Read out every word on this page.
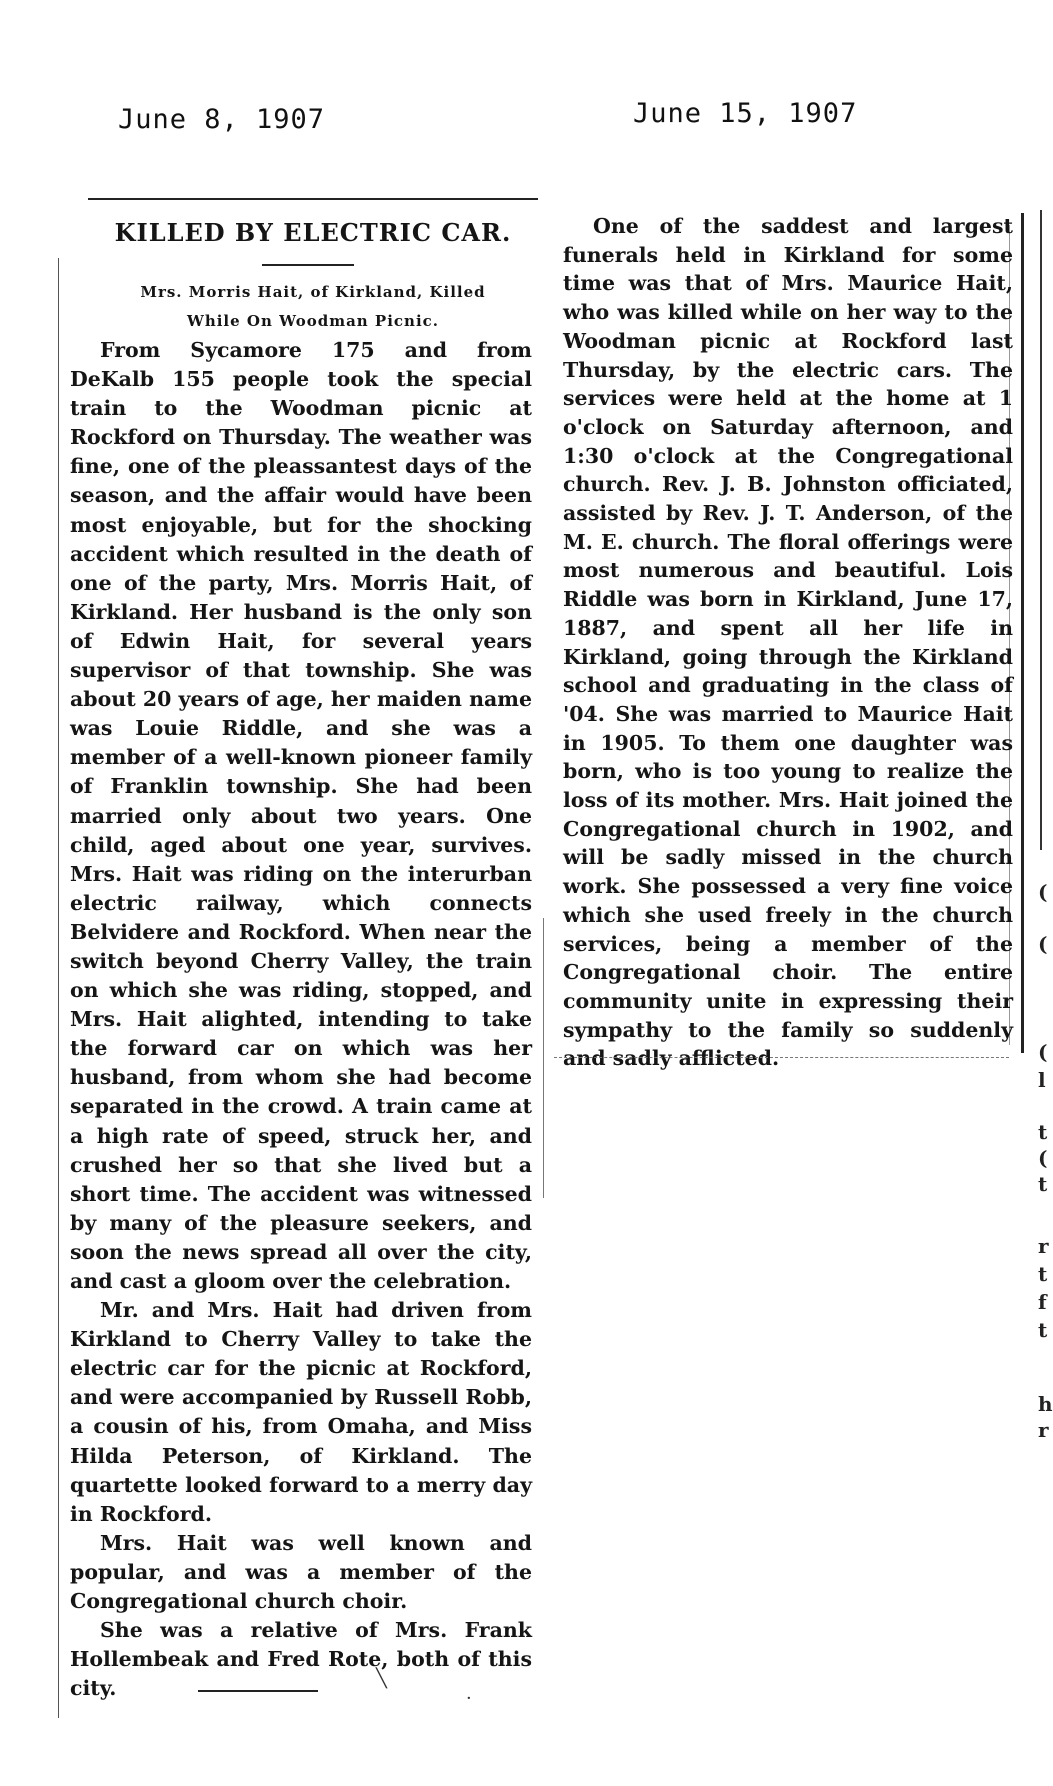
June 8, 1907	June 15, 1907
KILLED BY ELECTRIC CAR.
Mrs. Morris Hait, of Kirkland, Killed
While On Woodman Picnic.

From Sycamore 175 and from DeKalb 155 people took the special train to the Woodman picnic at Rockford on Thursday. The weather was fine, one of the pleassantest days of the season, and the affair would have been most enjoyable, but for the shocking accident which resulted in the death of one of the party, Mrs. Morris Hait, of Kirkland. Her husband is the only son of Edwin Hait, for several years supervisor of that township. She was about 20 years of age, her maiden name was Louie Riddle, and she was a member of a well-known pioneer family of Franklin township. She had been married only about two years. One child, aged about one year, survives. Mrs. Hait was riding on the interurban electric railway, which connects Belvidere and Rockford. When near the switch beyond Cherry Valley, the train on which she was riding, stopped, and Mrs. Hait alighted, intending to take the forward car on which was her husband, from whom she had become separated in the crowd. A train came at a high rate of speed, struck her, and crushed her so that she lived but a short time. The accident was witnessed by many of the pleasure seekers, and soon the news spread all over the city, and cast a gloom over the celebration.

Mr. and Mrs. Hait had driven from Kirkland to Cherry Valley to take the electric car for the picnic at Rockford, and were accompanied by Russell Robb, a cousin of his, from Omaha, and Miss Hilda Peterson, of Kirkland. The quartette looked forward to a merry day in Rockford.

Mrs. Hait was well known and popular, and was a member of the Congregational church choir.

She was a relative of Mrs. Frank Hollembeak and Fred Rote, both of this city.	╲
·

One of the saddest and largest funerals held in Kirkland for some time was that of Mrs. Maurice Hait, who was killed while on her way to the Woodman picnic at Rockford last Thursday, by the electric cars. The services were held at the home at 1 o'clock on Saturday afternoon, and 1:30 o'clock at the Congregational church. Rev. J. B. Johnston officiated, assisted by Rev. J. T. Anderson, of the M. E. church. The floral offerings were most numerous and beautiful. Lois Riddle was born in Kirkland, June 17, 1887, and spent all her life in Kirkland, going through the Kirkland school and graduating in the class of '04. She was married to Maurice Hait in 1905. To them one daughter was born, who is too young to realize the loss of its mother. Mrs. Hait joined the Congregational church in 1902, and will be sadly missed in the church work. She possessed a very fine voice which she used freely in the church services, being a member of the Congregational choir. The entire community unite in expressing their sympathy to the family so suddenly and sadly afflicted.

(
(
(
l
t
(
t
r
t
f
t
h
r
